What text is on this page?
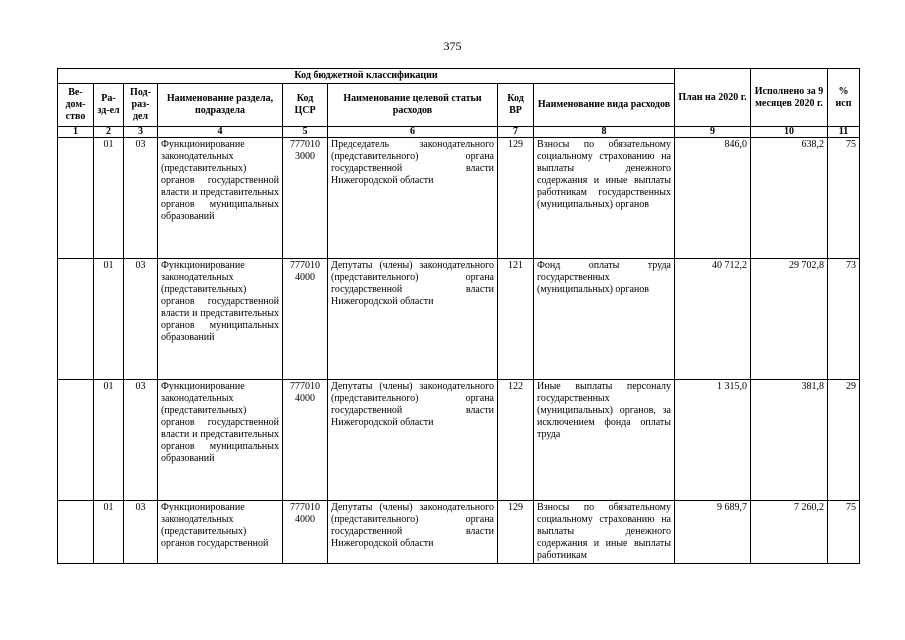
375
Код бюджетной классификации								План на 2020 г.	Исполнено за 9 месяцев 2020 г.	% исп
Ве-дом-ство	Ра-зд-ел	Под-раз-дел	Наименование раздела, подраздела	Код ЦСР	Наименование целевой статьи расходов	Код ВР	Наименование вида расходов			
1	2	3	4	5	6	7	8	9	10	11
	01	03	Функционирование законодательных (представительных) органов государственной власти и представительных органов муниципальных образований	777010 3000	Председатель законодательного (представительного) органа государственной власти Нижегородской области	129	Взносы по обязательному социальному страхованию на выплаты денежного содержания и иные выплаты работникам государственных (муниципальных) органов	846,0	638,2	75
	01	03	Функционирование законодательных (представительных) органов государственной власти и представительных органов муниципальных образований	777010 4000	Депутаты (члены) законодательного (представительного) органа государственной власти Нижегородской области	121	Фонд оплаты труда государственных (муниципальных) органов	40 712,2	29 702,8	73
	01	03	Функционирование законодательных (представительных) органов государственной власти и представительных органов муниципальных образований	777010 4000	Депутаты (члены) законодательного (представительного) органа государственной власти Нижегородской области	122	Иные выплаты персоналу государственных (муниципальных) органов, за исключением фонда оплаты труда	1 315,0	381,8	29
	01	03	Функционирование законодательных (представительных) органов государственной	777010 4000	Депутаты (члены) законодательного (представительного) органа государственной власти Нижегородской области	129	Взносы по обязательному социальному страхованию на выплаты денежного содержания и иные выплаты работникам	9 689,7	7 260,2	75
